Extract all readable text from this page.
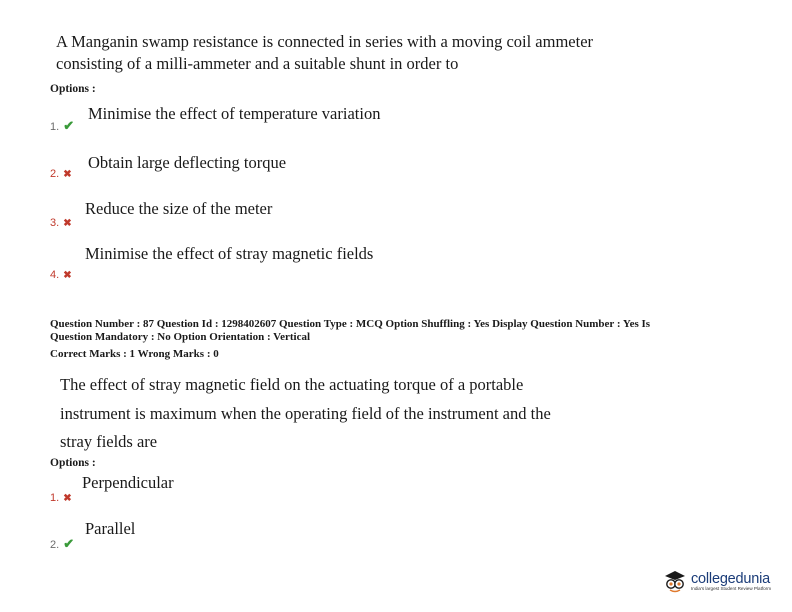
A Manganin swamp resistance is connected in series with a moving coil ammeter
consisting of a milli-ammeter and a suitable shunt in order to
Options :
1. ✔
Minimise the effect of temperature variation
2. ✖
Obtain large deflecting torque
3. ✖
Reduce the size of the meter
4. ✖
Minimise the effect of stray magnetic fields
Question Number : 87 Question Id : 1298402607 Question Type : MCQ Option Shuffling : Yes Display Question Number : Yes Is
Question Mandatory : No Option Orientation : Vertical
Correct Marks : 1 Wrong Marks : 0
The effect of stray magnetic field on the actuating torque of a portable
instrument is maximum when the operating field of the instrument and the
stray fields are
Options :
1. ✖
Perpendicular
2. ✔
Parallel
collegedunia
India's largest Student Review Platform
